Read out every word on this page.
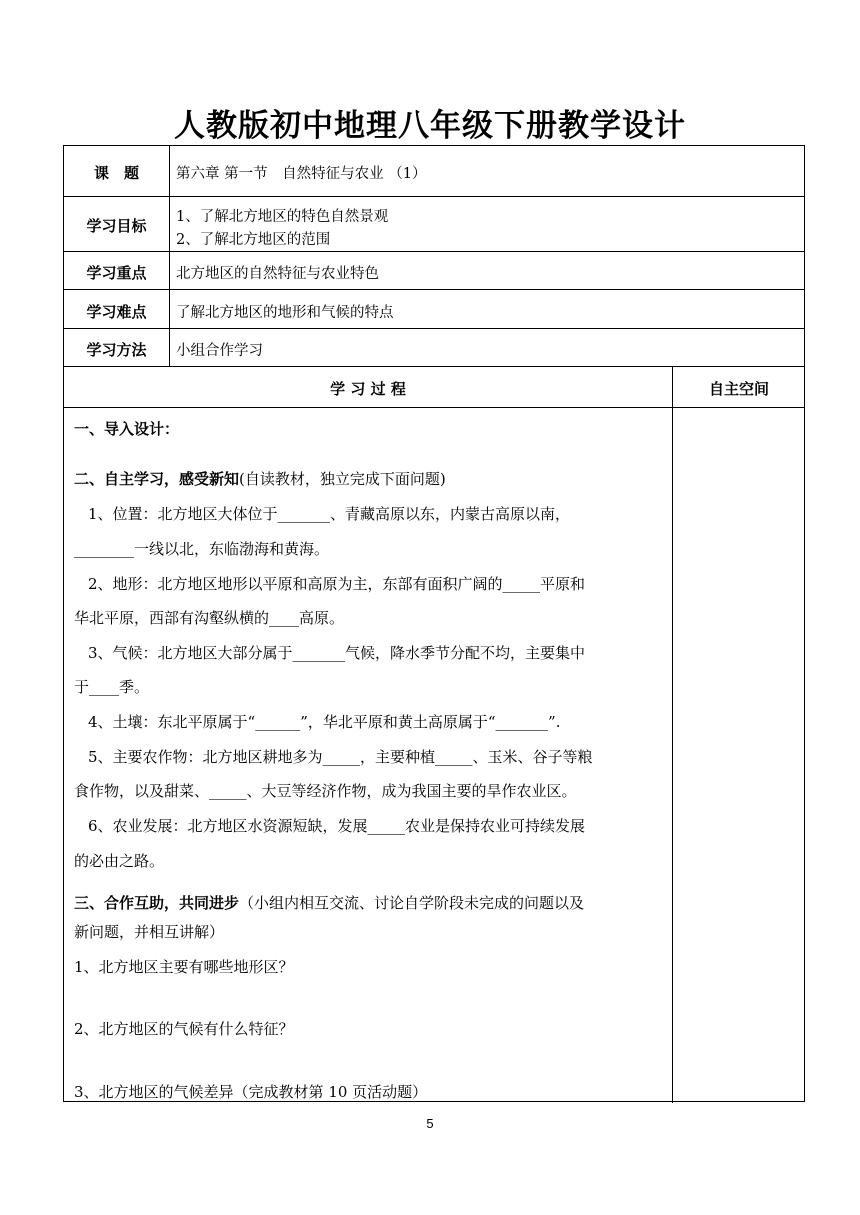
人教版初中地理八年级下册教学设计
课　题	第六章 第一节　自然特征与农业 （1）
学习目标	1、了解北方地区的特色自然景观
2、了解北方地区的范围
学习重点	北方地区的自然特征与农业特色
学习难点	了解北方地区的地形和气候的特点
学习方法	小组合作学习
学 习 过 程	自主空间
一、导入设计：
二、自主学习，感受新知(自读教材，独立完成下面问题)
1、位置：北方地区大体位于_______、青藏高原以东，内蒙古高原以南，
________一线以北，东临渤海和黄海。
2、地形：北方地区地形以平原和高原为主，东部有面积广阔的_____平原和
华北平原，西部有沟壑纵横的____高原。
3、气候：北方地区大部分属于_______气候，降水季节分配不均，主要集中
于____季。
4、土壤：东北平原属于“______”，华北平原和黄土高原属于“_______”.
5、主要农作物：北方地区耕地多为_____，主要种植_____、玉米、谷子等粮
食作物，以及甜菜、_____、大豆等经济作物，成为我国主要的旱作农业区。
6、农业发展：北方地区水资源短缺，发展_____农业是保持农业可持续发展
的必由之路。
三、合作互助，共同进步（小组内相互交流、讨论自学阶段未完成的问题以及
新问题，并相互讲解）
1、北方地区主要有哪些地形区？
2、北方地区的气候有什么特征？
3、北方地区的气候差异（完成教材第 10 页活动题）
5
